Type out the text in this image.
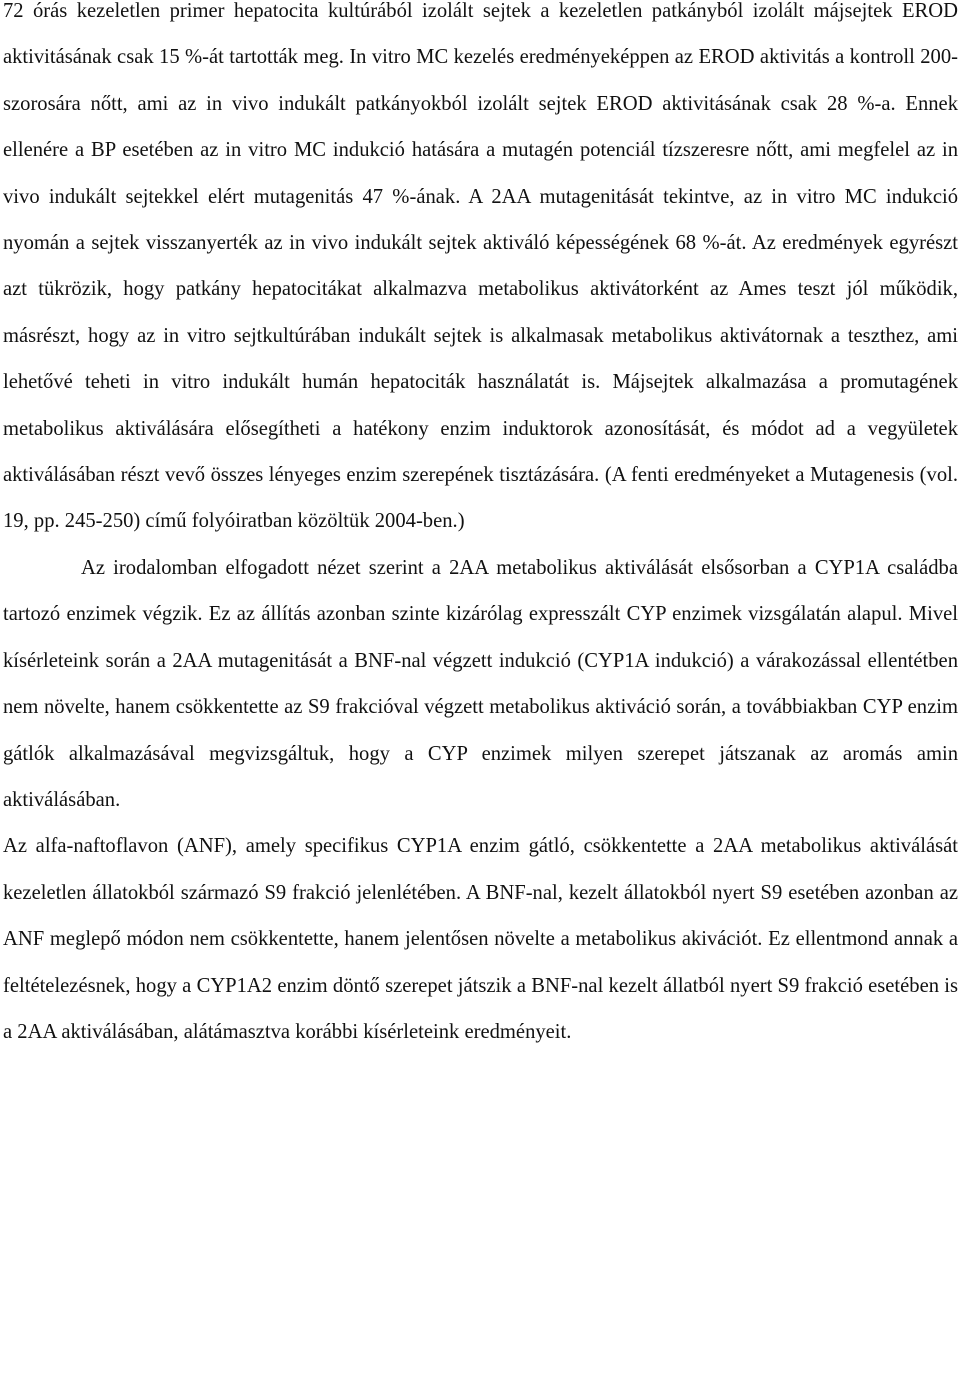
72 órás kezeletlen primer hepatocita kultúrából izolált sejtek a kezeletlen patkányból izolált májsejtek EROD aktivitásának csak 15 %-át tartották meg. In vitro MC kezelés eredményeképpen az EROD aktivitás a kontroll 200-szorosára nőtt, ami az in vivo indukált patkányokból izolált sejtek EROD aktivitásának csak 28 %-a. Ennek ellenére a BP esetében az in vitro MC indukció hatására a mutagén potenciál tízszeresre nőtt, ami megfelel az in vivo indukált sejtekkel elért mutagenitás 47 %-ának. A 2AA mutagenitását tekintve, az in vitro MC indukció nyomán a sejtek visszanyerték az in vivo indukált sejtek aktiváló képességének 68 %-át. Az eredmények egyrészt azt tükrözik, hogy patkány hepatocitákat alkalmazva metabolikus aktivátorként az Ames teszt jól működik, másrészt, hogy az in vitro sejtkultúrában indukált sejtek is alkalmasak metabolikus aktivátornak a teszthez, ami lehetővé teheti in vitro indukált humán hepatociták használatát is. Májsejtek alkalmazása a promutagének metabolikus aktiválására elősegítheti a hatékony enzim induktorok azonosítását, és módot ad a vegyületek aktiválásában részt vevő összes lényeges enzim szerepének tisztázására. (A fenti eredményeket a Mutagenesis (vol. 19, pp. 245-250) című folyóiratban közöltük 2004-ben.)

Az irodalomban elfogadott nézet szerint a 2AA metabolikus aktiválását elsősorban a CYP1A családba tartozó enzimek végzik. Ez az állítás azonban szinte kizárólag expresszált CYP enzimek vizsgálatán alapul. Mivel kísérleteink során a 2AA mutagenitását a BNF-nal végzett indukció (CYP1A indukció) a várakozással ellentétben nem növelte, hanem csökkentette az S9 frakcióval végzett metabolikus aktiváció során, a továbbiakban CYP enzim gátlók alkalmazásával megvizsgáltuk, hogy a CYP enzimek milyen szerepet játszanak az aromás amin aktiválásában.

Az alfa-naftoflavon (ANF), amely specifikus CYP1A enzim gátló, csökkentette a 2AA metabolikus aktiválását kezeletlen állatokból származó S9 frakció jelenlétében. A BNF-nal, kezelt állatokból nyert S9 esetében azonban az ANF meglepő módon nem csökkentette, hanem jelentősen növelte a metabolikus akivációt. Ez ellentmond annak a feltételezésnek, hogy a CYP1A2 enzim döntő szerepet játszik a BNF-nal kezelt állatból nyert S9 frakció esetében is a 2AA aktiválásában, alátámasztva korábbi kísérleteink eredményeit.
